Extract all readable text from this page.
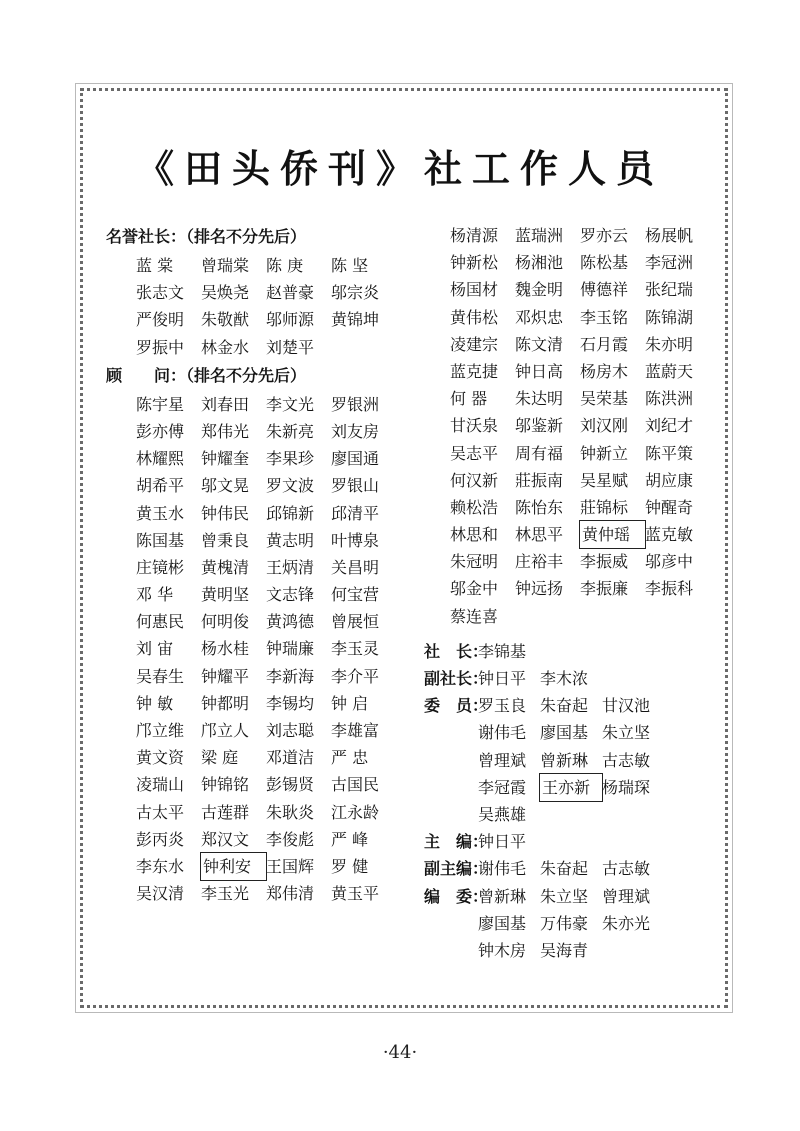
《田头侨刊》社工作人员
名誉社长：（排名不分先后）
蓝 棠	曾瑞棠	陈 庚	陈 坚
张志文	吴焕尧	赵普豪	邬宗炎
严俊明	朱敬猷	邬师源	黄锦坤
罗振中	林金水	刘楚平
顾　　问：（排名不分先后）
陈宇星	刘春田	李文光	罗银洲
彭亦傅	郑伟光	朱新亮	刘友房
林耀熙	钟耀奎	李果珍	廖国通
胡希平	邬文晃	罗文波	罗银山
黄玉水	钟伟民	邱锦新	邱清平
陈国基	曾秉良	黄志明	叶博泉
庄镜彬	黄槐清	王炳清	关昌明
邓 华	黄明坚	文志锋	何宝营
何惠民	何明俊	黄鸿德	曾展恒
刘 宙	杨水桂	钟瑞廉	李玉灵
吴春生	钟耀平	李新海	李介平
钟 敏	钟都明	李锡均	钟 启
邝立维	邝立人	刘志聪	李雄富
黄文资	梁 庭	邓道洁	严 忠
凌瑞山	钟锦铭	彭锡贤	古国民
古太平	古莲群	朱耿炎	江永龄
彭丙炎	郑汉文	李俊彪	严 峰
李东水	钟利安 王国辉	罗 健
吴汉清	李玉光	郑伟清	黄玉平
杨清源	蓝瑞洲	罗亦云	杨展帆
钟新松	杨湘池	陈松基	李冠洲
杨国材	魏金明	傅德祥	张纪瑞
黄伟松	邓炽忠	李玉铭	陈锦湖
凌建宗	陈文清	石月霞	朱亦明
蓝克捷	钟日高	杨房木	蓝蔚天
何 器	朱达明	吴荣基	陈洪洲
甘沃泉	邬鉴新	刘汉刚	刘纪才
吴志平	周有福	钟新立	陈平策
何汉新	莊振南	吴星赋	胡应康
赖松浩	陈怡东	莊锦标	钟醒奇
林思和	林思平	黄仲瑶 蓝克敏
朱冠明	庄裕丰	李振威	邬彦中
邬金中	钟远扬	李振廉	李振科
蔡连喜
社　长：
李锦基
副社长：
钟日平 李木浓
委　员：
罗玉良 朱奋起 甘汉池
谢伟毛 廖国基 朱立坚
曾理斌 曾新琳 古志敏
李冠霞 王亦新 杨瑞琛
吴燕雄
主　编：
钟日平
副主编：
谢伟毛 朱奋起 古志敏
编　委：
曾新琳 朱立坚 曾理斌
廖国基 万伟豪 朱亦光
钟木房 吴海青
·44·
